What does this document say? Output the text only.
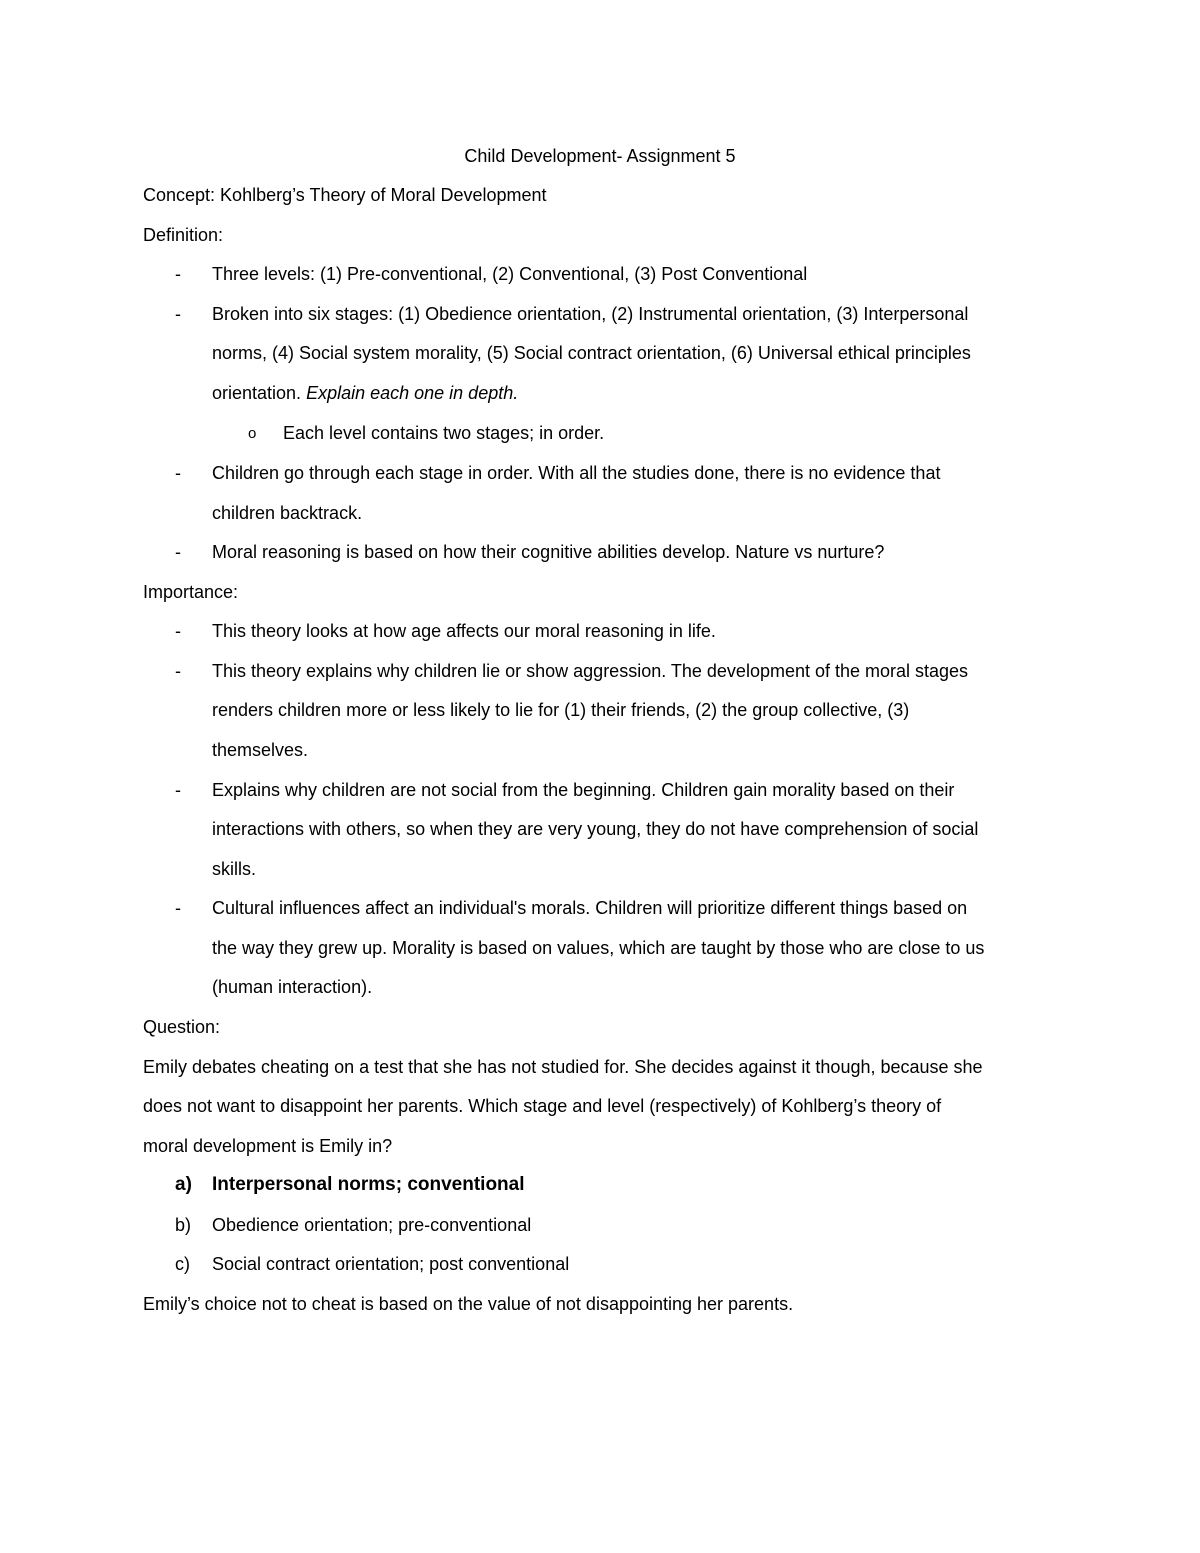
Child Development- Assignment 5
Concept: Kohlberg’s Theory of Moral Development
Definition:
- Three levels: (1) Pre-conventional, (2) Conventional, (3) Post Conventional
- Broken into six stages: (1) Obedience orientation, (2) Instrumental orientation, (3) Interpersonal
norms, (4) Social system morality, (5) Social contract orientation, (6) Universal ethical principles
orientation. Explain each one in depth.
o Each level contains two stages; in order.
- Children go through each stage in order. With all the studies done, there is no evidence that
children backtrack.
- Moral reasoning is based on how their cognitive abilities develop. Nature vs nurture?
Importance:
- This theory looks at how age affects our moral reasoning in life.
- This theory explains why children lie or show aggression. The development of the moral stages
renders children more or less likely to lie for (1) their friends, (2) the group collective, (3)
themselves.
- Explains why children are not social from the beginning. Children gain morality based on their
interactions with others, so when they are very young, they do not have comprehension of social
skills.
- Cultural influences affect an individual's morals. Children will prioritize different things based on
the way they grew up. Morality is based on values, which are taught by those who are close to us
(human interaction).
Question:
Emily debates cheating on a test that she has not studied for. She decides against it though, because she
does not want to disappoint her parents. Which stage and level (respectively) of Kohlberg’s theory of
moral development is Emily in?
a) Interpersonal norms; conventional
b) Obedience orientation; pre-conventional
c) Social contract orientation; post conventional
Emily’s choice not to cheat is based on the value of not disappointing her parents.
